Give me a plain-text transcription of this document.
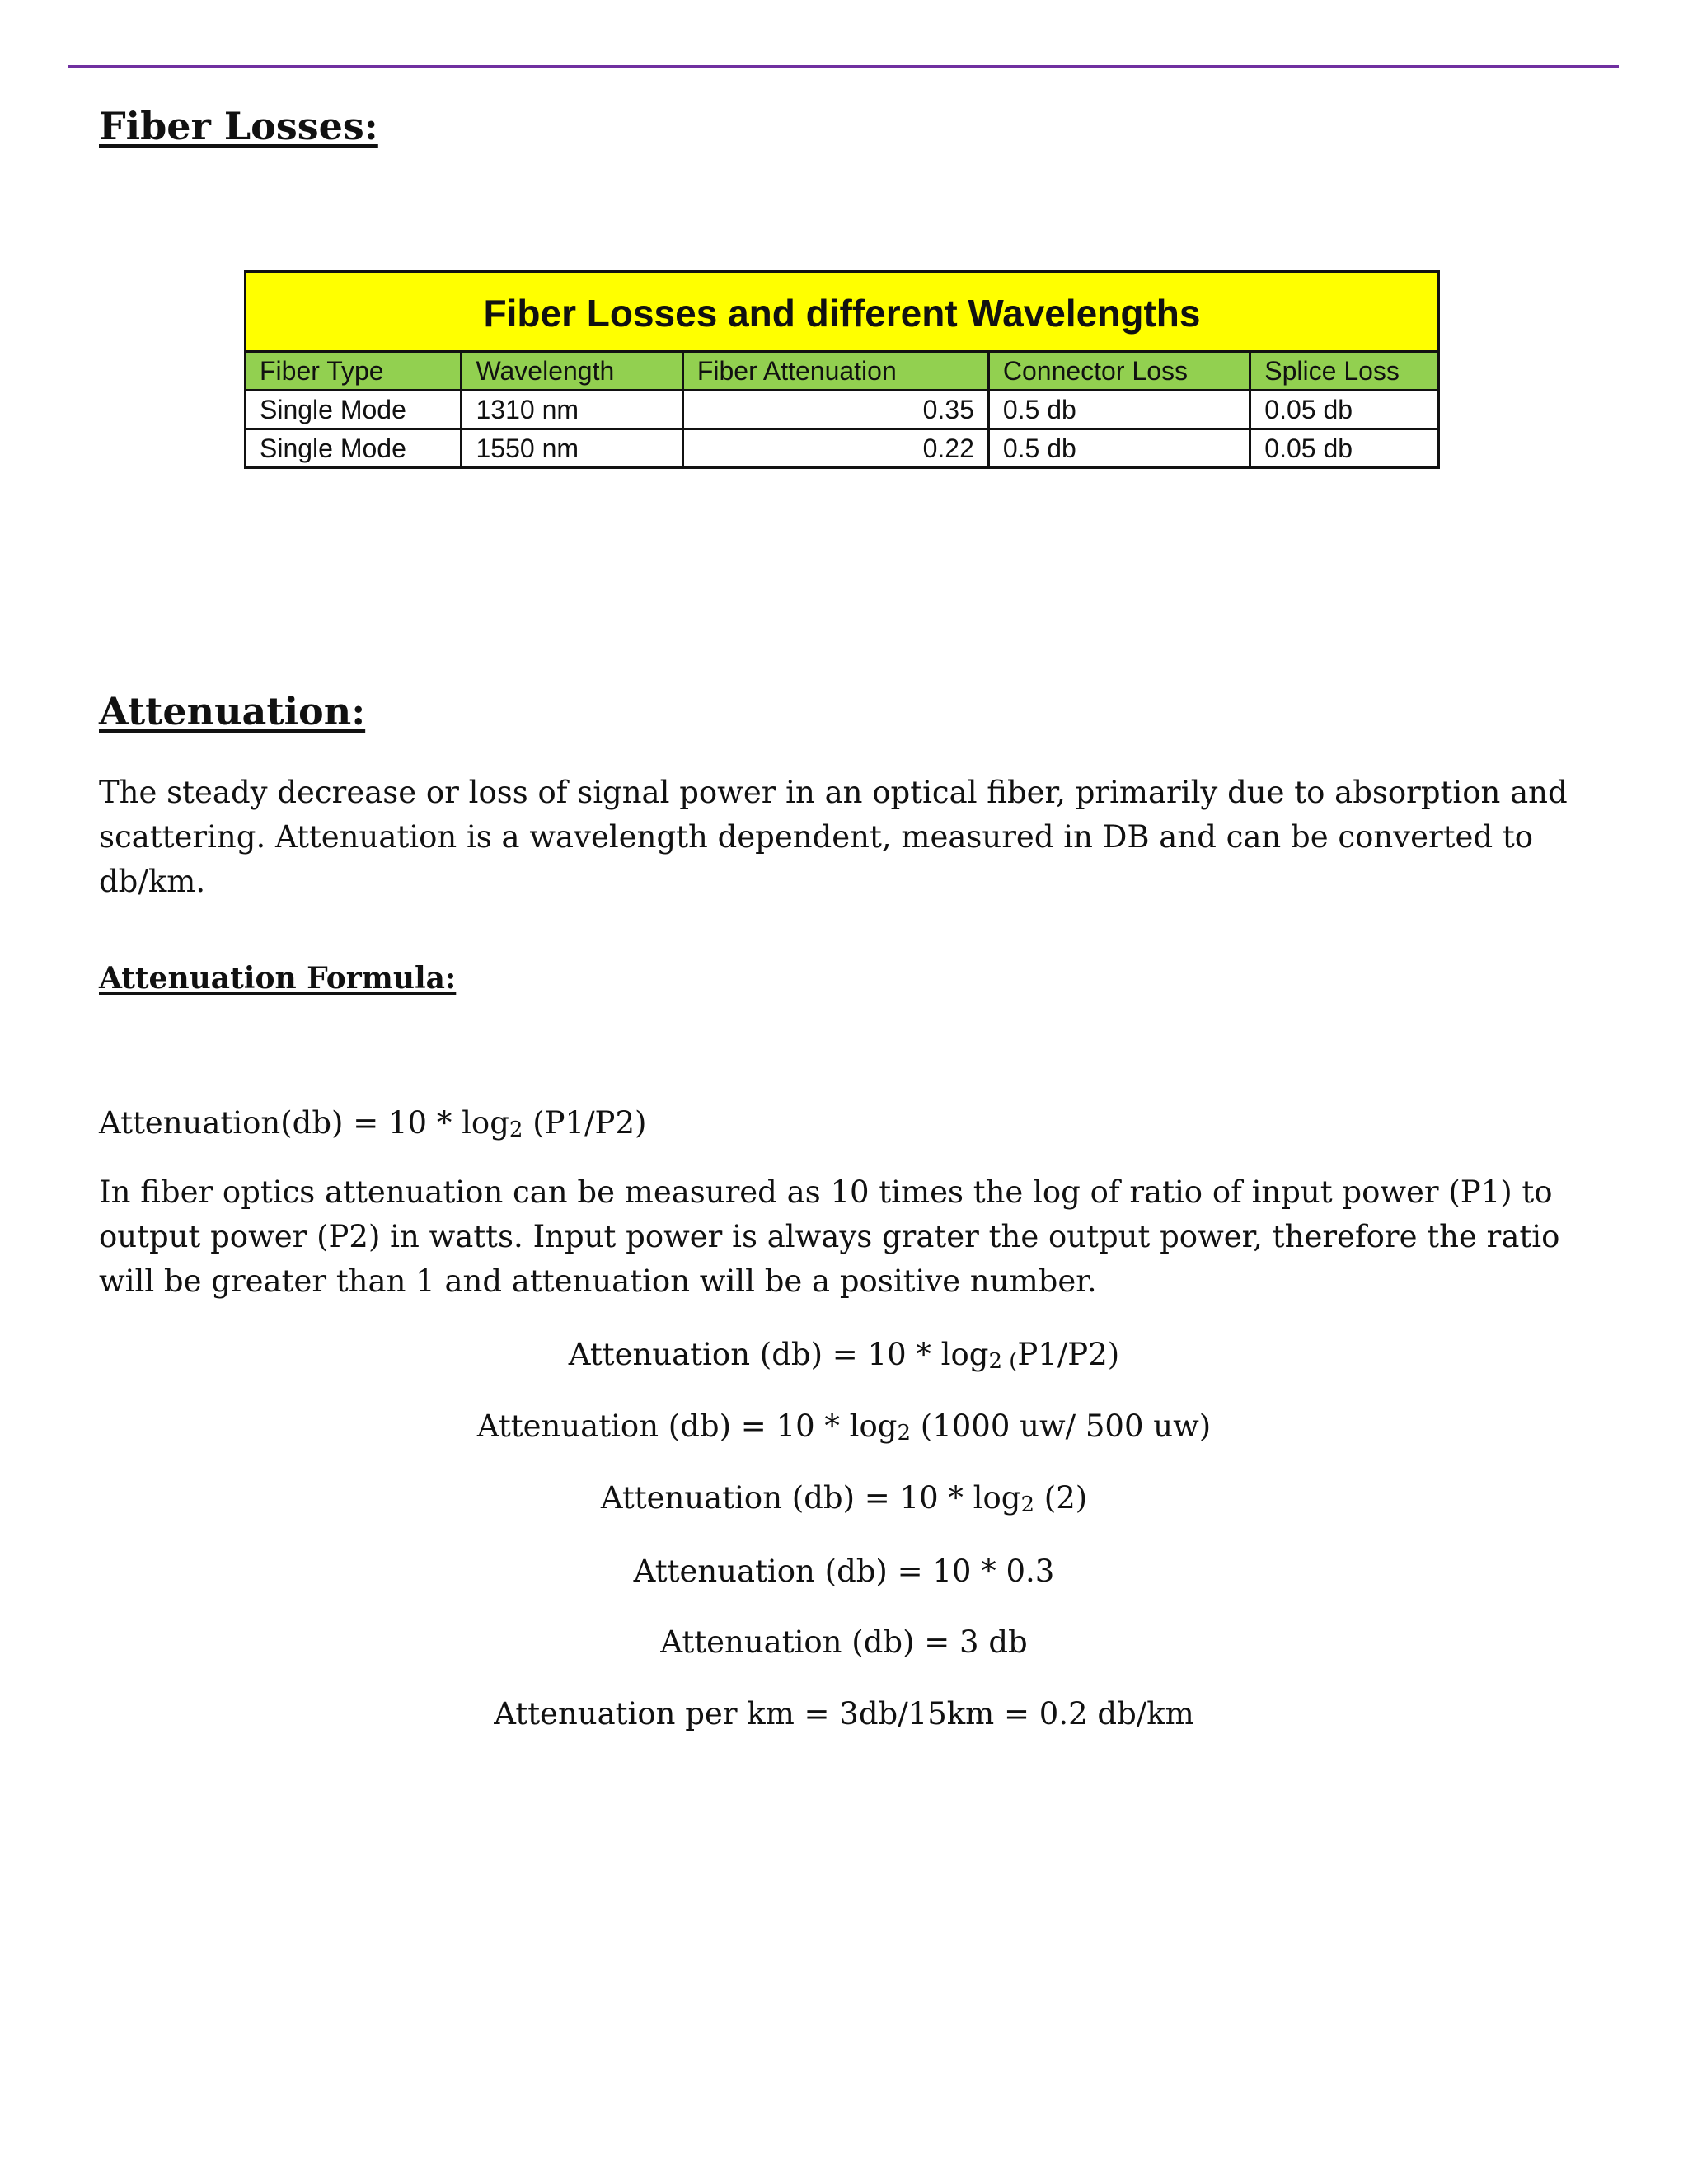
Fiber Losses:
Fiber Losses and different Wavelengths				
Fiber Type	Wavelength	Fiber Attenuation	Connector Loss	Splice Loss
Single Mode	1310 nm	0.35	0.5 db	0.05 db
Single Mode	1550 nm	0.22	0.5 db	0.05 db
Attenuation:

The steady decrease or loss of signal power in an optical fiber, primarily due to absorption and scattering. Attenuation is a wavelength dependent, measured in DB and can be converted to db/km.

Attenuation Formula:

Attenuation(db) = 10 * log2 (P1/P2)

In fiber optics attenuation can be measured as 10 times the log of ratio of input power (P1) to output power (P2) in watts. Input power is always grater the output power, therefore the ratio will be greater than 1 and attenuation will be a positive number.

Attenuation (db) = 10 * log2 (P1/P2)

Attenuation (db) = 10 * log2 (1000 uw/ 500 uw)

Attenuation (db) = 10 * log2 (2)

Attenuation (db) = 10 * 0.3

Attenuation (db) = 3 db

Attenuation per km = 3db/15km = 0.2 db/km
